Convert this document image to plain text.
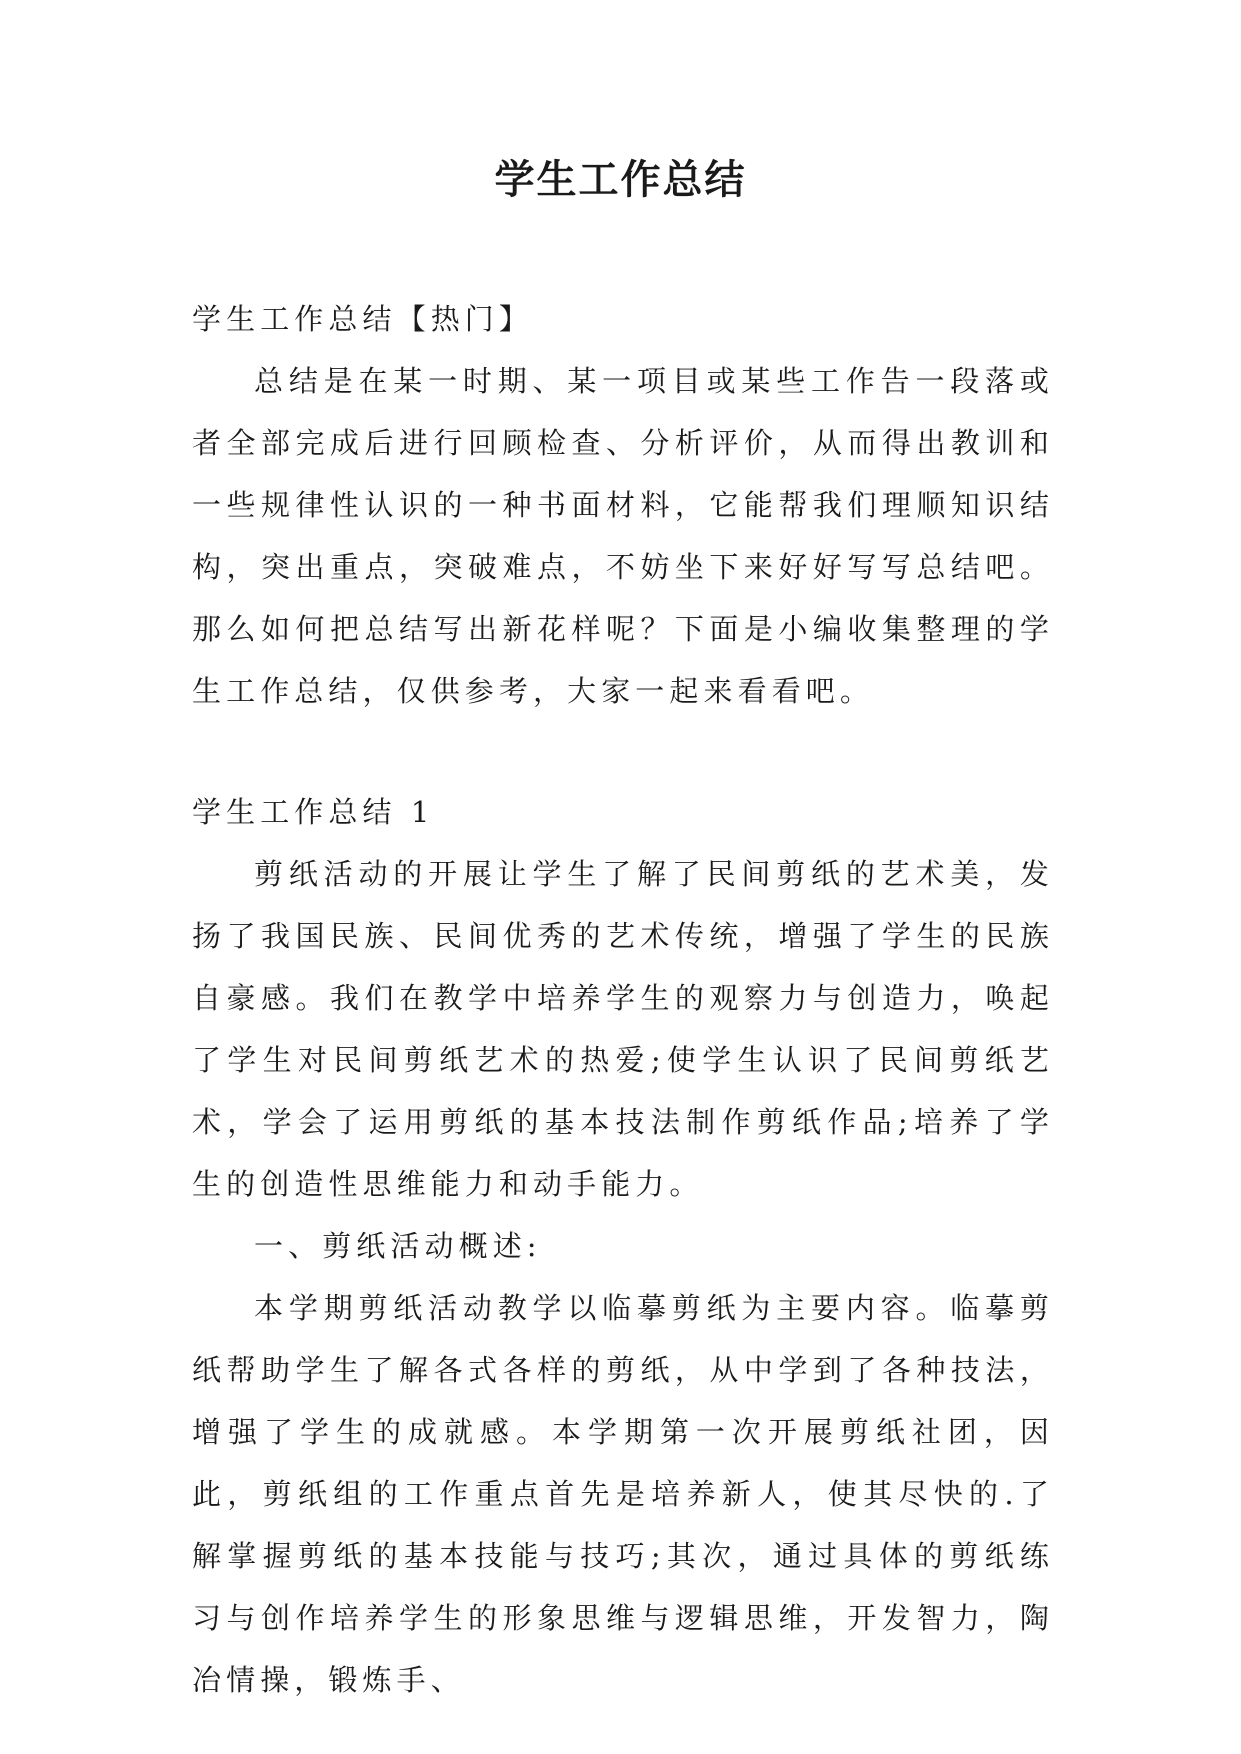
学生工作总结

学生工作总结【热门】

总结是在某一时期、某一项目或某些工作告一段落或者全部完成后进行回顾检查、分析评价，从而得出教训和一些规律性认识的一种书面材料，它能帮我们理顺知识结构，突出重点，突破难点，不妨坐下来好好写写总结吧。那么如何把总结写出新花样呢？下面是小编收集整理的学生工作总结，仅供参考，大家一起来看看吧。

学生工作总结 1

剪纸活动的开展让学生了解了民间剪纸的艺术美，发扬了我国民族、民间优秀的艺术传统，增强了学生的民族自豪感。我们在教学中培养学生的观察力与创造力，唤起了学生对民间剪纸艺术的热爱;使学生认识了民间剪纸艺术，学会了运用剪纸的基本技法制作剪纸作品;培养了学生的创造性思维能力和动手能力。

一、剪纸活动概述:

本学期剪纸活动教学以临摹剪纸为主要内容。临摹剪纸帮助学生了解各式各样的剪纸，从中学到了各种技法，增强了学生的成就感。本学期第一次开展剪纸社团，因此，剪纸组的工作重点首先是培养新人，使其尽快的.了解掌握剪纸的基本技能与技巧;其次，通过具体的剪纸练习与创作培养学生的形象思维与逻辑思维，开发智力，陶冶情操，锻炼手、
